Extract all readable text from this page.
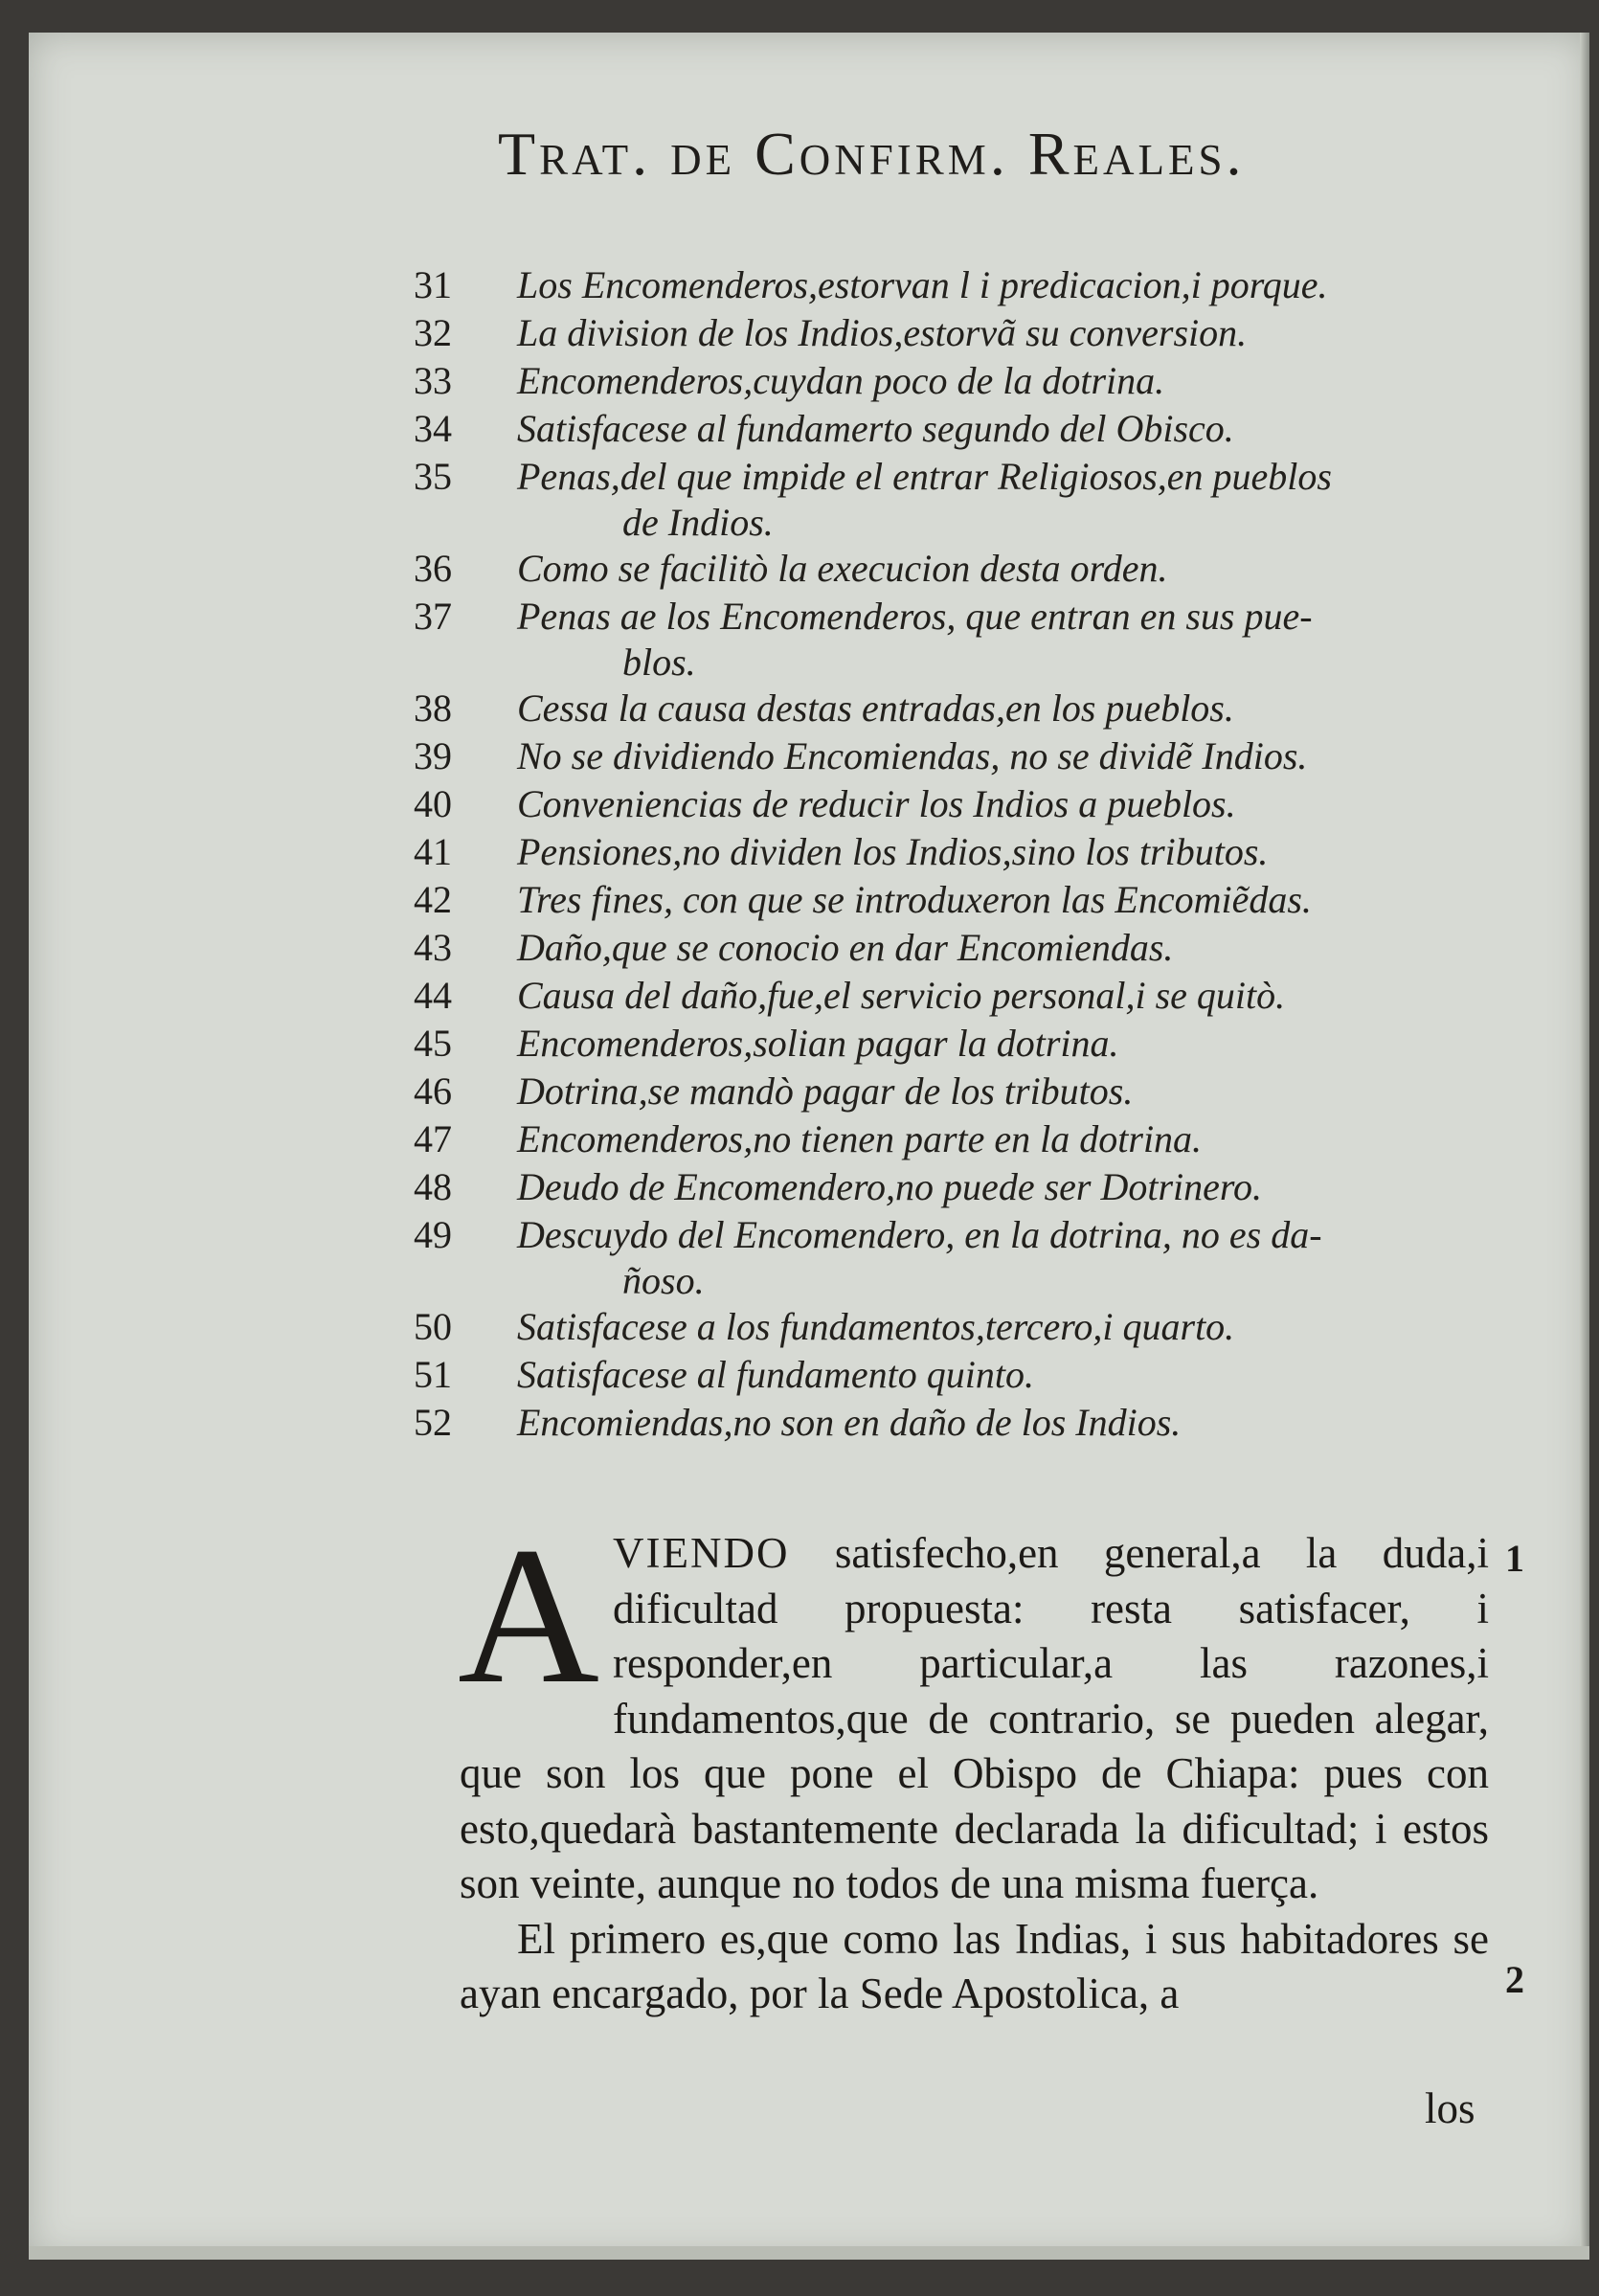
Trat. de Confirm. Reales.
31	Los Encomenderos,estorvan l i predicacion,i porque.
32	La division de los Indios,estorvã su conversion.
33	Encomenderos,cuydan poco de la dotrina.
34	Satisfacese al fundamerto segundo del Obisco.
35	Penas,del que impide el entrar Religiosos,en pueblos
de Indios.
36	Como se facilitò la execucion desta orden.
37	Penas ae los Encomenderos, que entran en sus pue-
blos.
38	Cessa la causa destas entradas,en los pueblos.
39	No se dividiendo Encomiendas, no se dividẽ Indios.
40	Conveniencias de reducir los Indios a pueblos.
41	Pensiones,no dividen los Indios,sino los tributos.
42	Tres fines, con que se introduxeron las Encomiẽdas.
43	Daño,que se conocio en dar Encomiendas.
44	Causa del daño,fue,el servicio personal,i se quitò.
45	Encomenderos,solian pagar la dotrina.
46	Dotrina,se mandò pagar de los tributos.
47	Encomenderos,no tienen parte en la dotrina.
48	Deudo de Encomendero,no puede ser Dotrinero.
49	Descuydo del Encomendero, en la dotrina, no es da-
ñoso.
50	Satisfacese a los fundamentos,tercero,i quarto.
51	Satisfacese al fundamento quinto.
52	Encomiendas,no son en daño de los Indios.

A VIENDO satisfecho,en general,a la duda,i dificultad propuesta: resta satisfacer, i responder,en particular,a las razones,i fundamentos,que de contrario, se pueden alegar, que son los que pone el Obispo de Chiapa: pues con esto,quedarà bastantemente declarada la dificultad; i estos son veinte, aunque no todos de una misma fuerça.

El primero es,que como las Indias, i sus habitadores se ayan encargado, por la Sede Apostolica, a

1
2
los
